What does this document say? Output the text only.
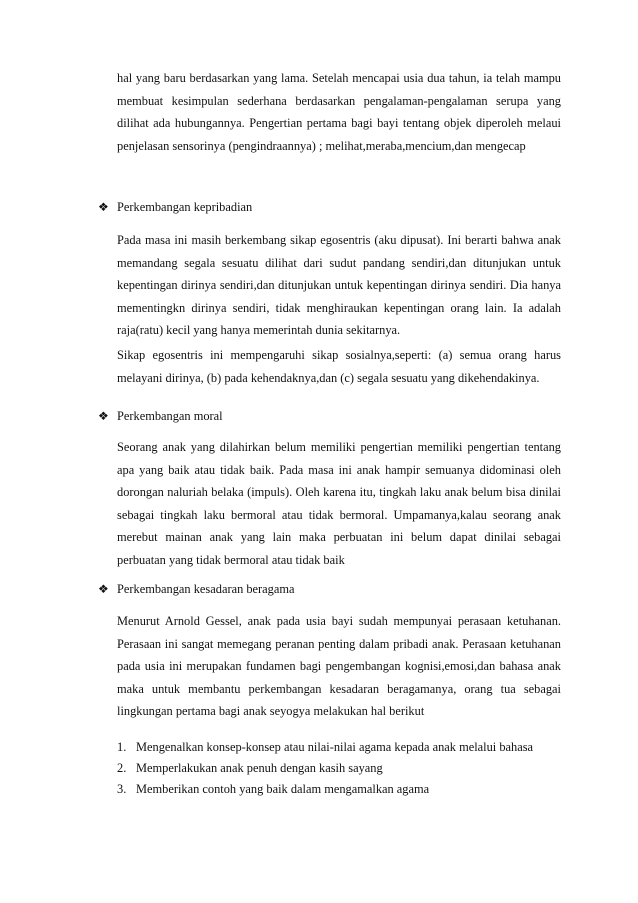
hal yang baru berdasarkan yang lama. Setelah mencapai usia dua tahun, ia telah mampu membuat kesimpulan sederhana berdasarkan pengalaman-pengalaman serupa yang dilihat ada hubungannya. Pengertian pertama bagi bayi tentang objek diperoleh melaui penjelasan sensorinya (pengindraannya) ; melihat,meraba,mencium,dan mengecap

❖ Perkembangan kepribadian

Pada masa ini masih berkembang sikap egosentris (aku dipusat). Ini berarti bahwa anak memandang segala sesuatu dilihat dari sudut pandang sendiri,dan ditunjukan untuk kepentingan dirinya sendiri,dan ditunjukan untuk kepentingan dirinya sendiri. Dia hanya mementingkn dirinya sendiri, tidak menghiraukan kepentingan orang lain. Ia adalah raja(ratu) kecil yang hanya memerintah dunia sekitarnya.

Sikap egosentris ini mempengaruhi sikap sosialnya,seperti: (a) semua orang harus melayani dirinya, (b) pada kehendaknya,dan (c) segala sesuatu yang dikehendakinya.

❖ Perkembangan moral

Seorang anak yang dilahirkan belum memiliki pengertian memiliki pengertian tentang apa yang baik atau tidak baik. Pada masa ini anak hampir semuanya didominasi oleh dorongan naluriah belaka (impuls). Oleh karena itu, tingkah laku anak belum bisa dinilai sebagai tingkah laku bermoral atau tidak bermoral. Umpamanya,kalau seorang anak merebut mainan anak yang lain maka perbuatan ini belum dapat dinilai sebagai perbuatan yang tidak bermoral atau tidak baik

❖ Perkembangan kesadaran beragama

Menurut Arnold Gessel, anak pada usia bayi sudah mempunyai perasaan ketuhanan. Perasaan ini sangat memegang peranan penting dalam pribadi anak. Perasaan ketuhanan pada usia ini merupakan fundamen bagi pengembangan kognisi,emosi,dan bahasa anak maka untuk membantu perkembangan kesadaran beragamanya, orang tua sebagai lingkungan pertama bagi anak seyogya melakukan hal berikut

1. Mengenalkan konsep-konsep atau nilai-nilai agama kepada anak melalui bahasa
2. Memperlakukan anak penuh dengan kasih sayang
3. Memberikan contoh yang baik dalam mengamalkan agama
